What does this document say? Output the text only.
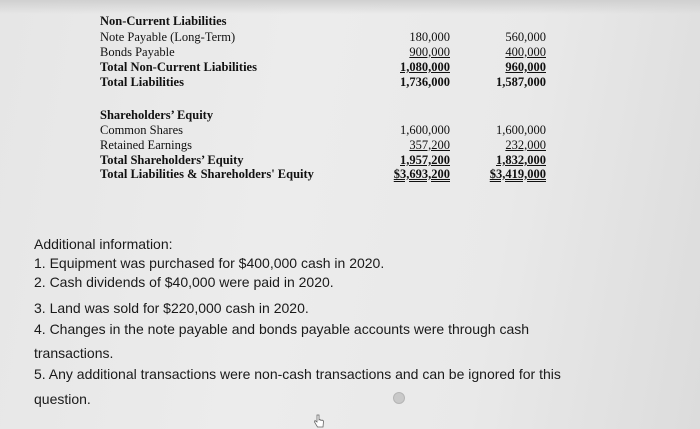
Non-Current Liabilities
Note Payable (Long-Term)	180,000	560,000
Bonds Payable	900,000	400,000
Total Non-Current Liabilities	1,080,000	960,000
Total Liabilities	1,736,000	1,587,000
Shareholders’ Equity
Common Shares	1,600,000	1,600,000
Retained Earnings	357,200	232,000
Total Shareholders’ Equity	1,957,200	1,832,000
Total Liabilities & Shareholders' Equity	$3,693,200	$3,419,000
Additional information:
1. Equipment was purchased for $400,000 cash in 2020.
2. Cash dividends of $40,000 were paid in 2020.
3. Land was sold for $220,000 cash in 2020.
4. Changes in the note payable and bonds payable accounts were through cash
transactions.
5. Any additional transactions were non-cash transactions and can be ignored for this
question.
